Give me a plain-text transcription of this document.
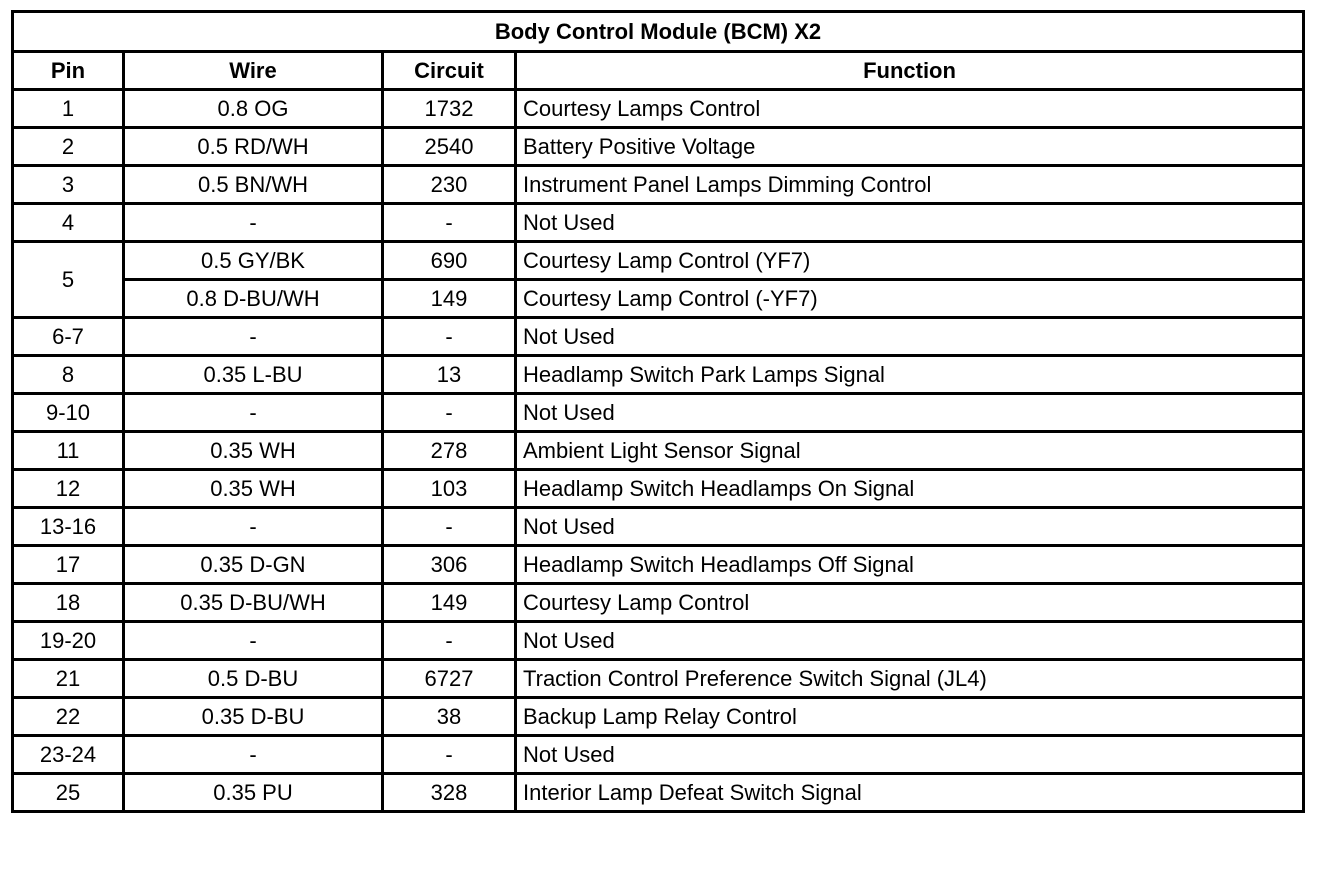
Body Control Module (BCM) X2			
Pin	Wire	Circuit	Function
1	0.8 OG	1732	Courtesy Lamps Control
2	0.5 RD/WH	2540	Battery Positive Voltage
3	0.5 BN/WH	230	Instrument Panel Lamps Dimming Control
4	-	-	Not Used
5	0.5 GY/BK	690	Courtesy Lamp Control (YF7)
	0.8 D-BU/WH	149	Courtesy Lamp Control (-YF7)
6-7	-	-	Not Used
8	0.35 L-BU	13	Headlamp Switch Park Lamps Signal
9-10	-	-	Not Used
11	0.35 WH	278	Ambient Light Sensor Signal
12	0.35 WH	103	Headlamp Switch Headlamps On Signal
13-16	-	-	Not Used
17	0.35 D-GN	306	Headlamp Switch Headlamps Off Signal
18	0.35 D-BU/WH	149	Courtesy Lamp Control
19-20	-	-	Not Used
21	0.5 D-BU	6727	Traction Control Preference Switch Signal (JL4)
22	0.35 D-BU	38	Backup Lamp Relay Control
23-24	-	-	Not Used
25	0.35 PU	328	Interior Lamp Defeat Switch Signal
